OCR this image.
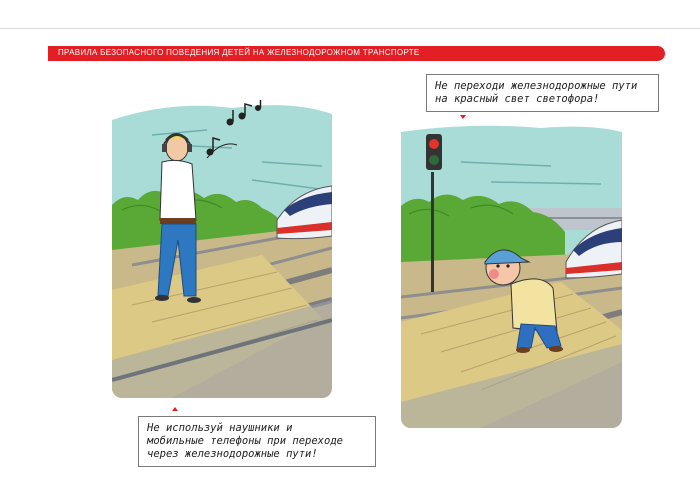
ПРАВИЛА БЕЗОПАСНОГО ПОВЕДЕНИЯ ДЕТЕЙ НА ЖЕЛЕЗНОДОРОЖНОМ ТРАНСПОРТЕ
Не используй наушники и
мобильные телефоны при переходе
через железнодорожные пути!
Не переходи железнодорожные пути
на красный свет светофора!
